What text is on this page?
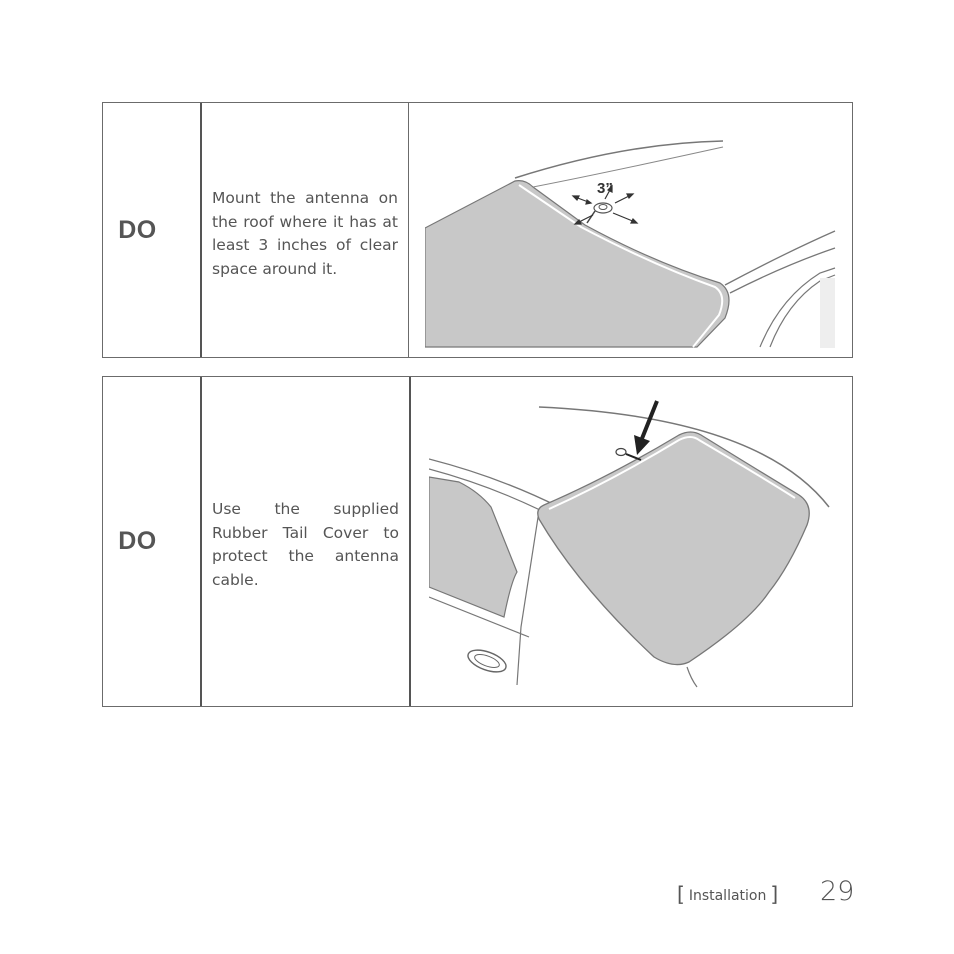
DO
Mount the antenna on the roof where it has at least 3 inches of clear space around it.
3”
DO
Use the supplied Rubber Tail Cover to protect the antenna cable.
[ Installation ] 29
